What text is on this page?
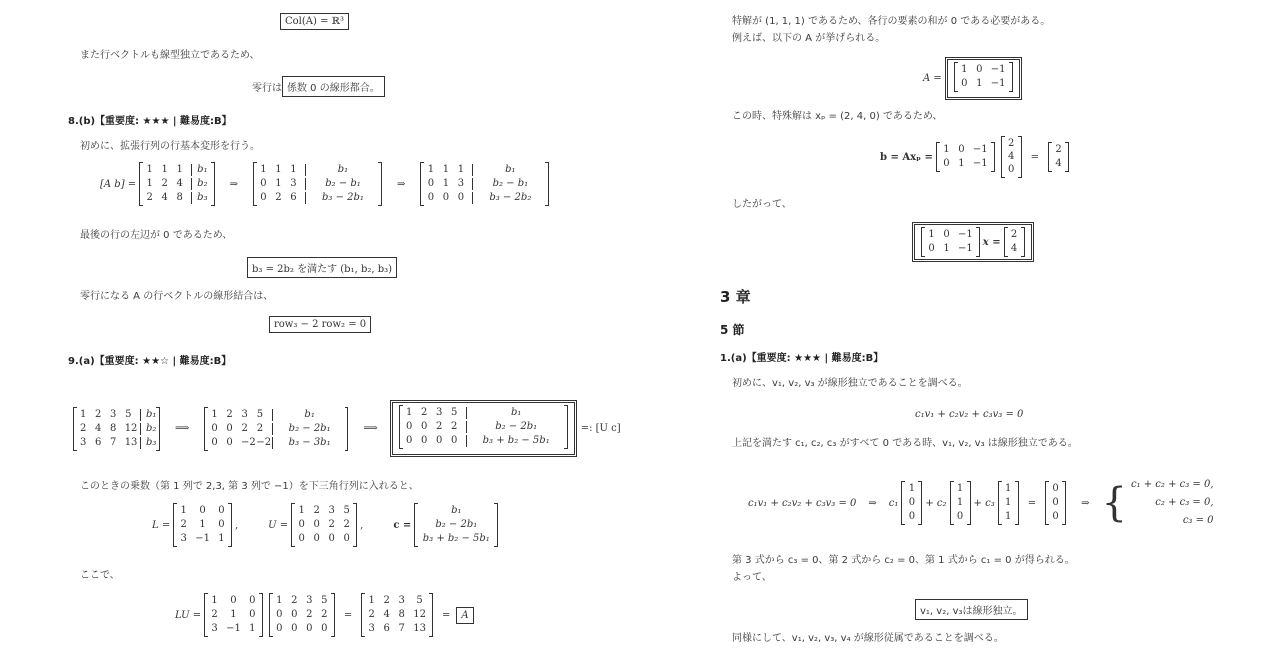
Col(A) = ℝ³
また行ベクトルも線型独立であるため、
零行は 係数 0 の線形都合。
8.(b)【重要度: ★★★ | 難易度:B】
初めに、拡張行列の行基本変形を行う。
[A b] =
1 1 1	b₁
1 2 4	b₂
2 4 8	b₃
⇒
1 1 1	b₁
0 1 3	b₂ − b₁
0 2 6	b₃ − 2b₁
⇒
1 1 1	b₁
0 1 3	b₂ − b₁
0 0 0	b₃ − 2b₂
最後の行の左辺が 0 であるため、
b₃ = 2b₂ を満たす (b₁, b₂, b₃)
零行になる A の行ベクトルの線形結合は、
row₃ − 2 row₂ = 0
9.(a)【重要度: ★★☆ | 難易度:B】
1 2 3 5	b₁
2 4 8 12 b₂
3 6 7 13 b₃
⟹
1 2 3 5	b₁
0 0 2 2	b₂ − 2b₁
0 0 −2 −2	b₃ − 3b₁
⟹
1 2 3 5	b₁
0 0 2 2	b₂ − 2b₁
0 0 0 0	b₃ + b₂ − 5b₁
=: [U c]
このときの乗数（第 1 列で 2,3, 第 3 列で −1）を下三角行列に入れると、
L =
1	0	0
2	1	0
3 −1 1
,	U =
1 2 3 5
0 0 2 2
0 0 0 0
,	c =
b₁
b₂ − 2b₁
b₃ + b₂ − 5b₁
ここで、
LU =
1	0	0
2	1	0
3 −1 1
1 2 3 5
0 0 2 2
0 0 0 0
=
1 2 3	5
2 4 8 12
3 6 7 13
=	A
特解が (1, 1, 1) であるため、各行の要素の和が 0 である必要がある。
例えば、以下の A が挙げられる。
A =
1 0 −1
0 1 −1
この時、特殊解は xₚ = (2, 4, 0) であるため、
b = Axₚ =
1 0 −1
0 1 −1
2
4
0
=
2
4
したがって、
1 0 −1
0 1 −1
x =
2
4
3 章
5 節
1.(a)【重要度: ★★★ | 難易度:B】
初めに、v₁, v₂, v₃ が線形独立であることを調べる。
c₁v₁ + c₂v₂ + c₃v₃ = 0
上記を満たす c₁, c₂, c₃ がすべて 0 である時、v₁, v₂, v₃ は線形独立である。
c₁v₁ + c₂v₂ + c₃v₃ = 0 ⇒ c₁
1
0
0
+ c₂
1
1
0
+ c₃
1
1
1
=
0
0
0
⇒ { c₁ + c₂ + c₃ = 0,
c₂ + c₃ = 0,
c₃ = 0
第 3 式から c₃ = 0、第 2 式から c₂ = 0、第 1 式から c₁ = 0 が得られる。
よって、
v₁, v₂, v₃は線形独立。
同様にして、v₁, v₂, v₃, v₄ が線形従属であることを調べる。
